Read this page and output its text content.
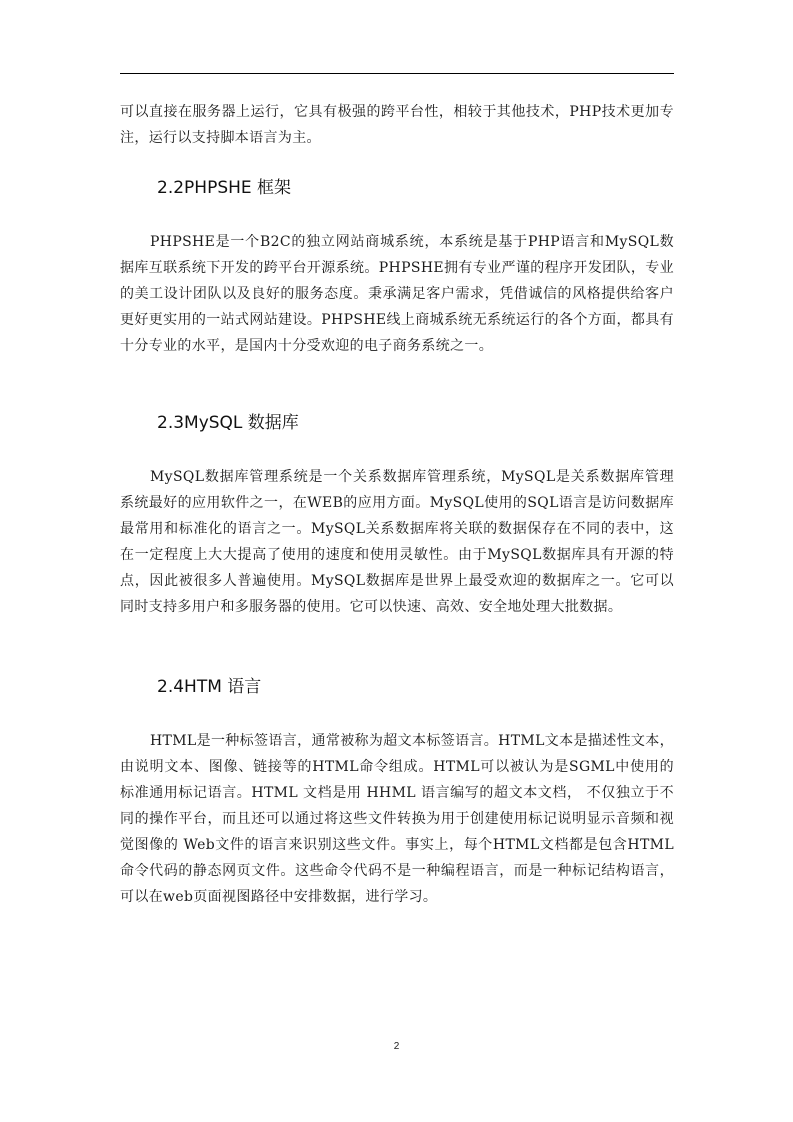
可以直接在服务器上运行，它具有极强的跨平台性，相较于其他技术，PHP技术更加专注，运行以支持脚本语言为主。

2.2PHPSHE 框架

PHPSHE是一个B2C的独立网站商城系统，本系统是基于PHP语言和MySQL数据库互联系统下开发的跨平台开源系统。PHPSHE拥有专业严谨的程序开发团队，专业的美工设计团队以及良好的服务态度。秉承满足客户需求，凭借诚信的风格提供给客户更好更实用的一站式网站建设。PHPSHE线上商城系统无系统运行的各个方面，都具有十分专业的水平，是国内十分受欢迎的电子商务系统之一。

2.3MySQL 数据库

MySQL数据库管理系统是一个关系数据库管理系统，MySQL是关系数据库管理系统最好的应用软件之一，在WEB的应用方面。MySQL使用的SQL语言是访问数据库最常用和标准化的语言之一。MySQL关系数据库将关联的数据保存在不同的表中，这在一定程度上大大提高了使用的速度和使用灵敏性。由于MySQL数据库具有开源的特点，因此被很多人普遍使用。MySQL数据库是世界上最受欢迎的数据库之一。它可以同时支持多用户和多服务器的使用。它可以快速、高效、安全地处理大批数据。

2.4HTM 语言

HTML是一种标签语言，通常被称为超文本标签语言。HTML文本是描述性文本，由说明文本、图像、链接等的HTML命令组成。HTML可以被认为是SGML中使用的标准通用标记语言。HTML 文档是用 HHML 语言编写的超文本文档， 不仅独立于不同的操作平台，而且还可以通过将这些文件转换为用于创建使用标记说明显示音频和视觉图像的 Web文件的语言来识别这些文件。事实上，每个HTML文档都是包含HTML命令代码的静态网页文件。这些命令代码不是一种编程语言，而是一种标记结构语言，可以在web页面视图路径中安排数据，进行学习。

2
